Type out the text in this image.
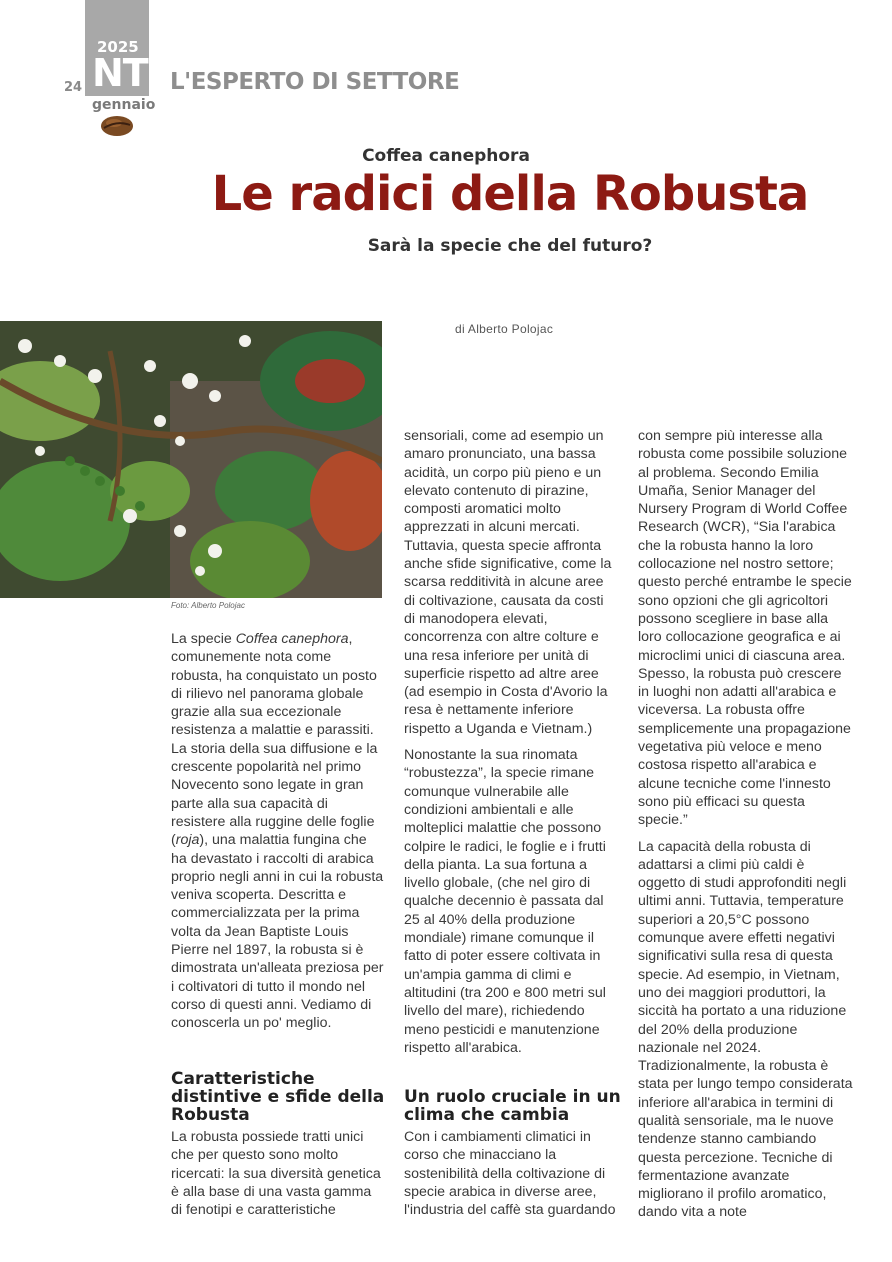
2025
NT
24
gennaio
L'ESPERTO DI SETTORE
Coffea canephora
Le radici della Robusta
Sarà la specie che del futuro?
di Alberto Polojac
Foto: Alberto Polojac

La specie Coffea canephora, comunemente nota come robusta, ha conquistato un posto di rilievo nel panorama globale grazie alla sua eccezionale resistenza a malattie e parassiti. La storia della sua diffusione e la crescente popolarità nel primo Novecento sono legate in gran parte alla sua capacità di resistere alla ruggine delle foglie (roja), una malattia fungina che ha devastato i raccolti di arabica proprio negli anni in cui la robusta veniva scoperta. Descritta e commercializzata per la prima volta da Jean Baptiste Louis Pierre nel 1897, la robusta si è dimostrata un'alleata preziosa per i coltivatori di tutto il mondo nel corso di questi anni. Vediamo di conoscerla un po' meglio.

Caratteristiche distintive e sfide della Robusta

La robusta possiede tratti unici che per questo sono molto ricercati: la sua diversità genetica è alla base di una vasta gamma di fenotipi e caratteristiche

sensoriali, come ad esempio un amaro pronunciato, una bassa acidità, un corpo più pieno e un elevato contenuto di pirazine, composti aromatici molto apprezzati in alcuni mercati. Tuttavia, questa specie affronta anche sfide significative, come la scarsa redditività in alcune aree di coltivazione, causata da costi di manodopera elevati, concorrenza con altre colture e una resa inferiore per unità di superficie rispetto ad altre aree (ad esempio in Costa d'Avorio la resa è nettamente inferiore rispetto a Uganda e Vietnam.)

Nonostante la sua rinomata “robustezza”, la specie rimane comunque vulnerabile alle condizioni ambientali e alle molteplici malattie che possono colpire le radici, le foglie e i frutti della pianta. La sua fortuna a livello globale, (che nel giro di qualche decennio è passata dal 25 al 40% della produzione mondiale) rimane comunque il fatto di poter essere coltivata in un'ampia gamma di climi e altitudini (tra 200 e 800 metri sul livello del mare), richiedendo meno pesticidi e manutenzione rispetto all'arabica.

Un ruolo cruciale in un clima che cambia

Con i cambiamenti climatici in corso che minacciano la sostenibilità della coltivazione di specie arabica in diverse aree, l'industria del caffè sta guardando

con sempre più interesse alla robusta come possibile soluzione al problema. Secondo Emilia Umaña, Senior Manager del Nursery Program di World Coffee Research (WCR), “Sia l'arabica che la robusta hanno la loro collocazione nel nostro settore; questo perché entrambe le specie sono opzioni che gli agricoltori possono scegliere in base alla loro collocazione geografica e ai microclimi unici di ciascuna area. Spesso, la robusta può crescere in luoghi non adatti all'arabica e viceversa. La robusta offre semplicemente una propagazione vegetativa più veloce e meno costosa rispetto all'arabica e alcune tecniche come l'innesto sono più efficaci su questa specie.”

La capacità della robusta di adattarsi a climi più caldi è oggetto di studi approfonditi negli ultimi anni. Tuttavia, temperature superiori a 20,5°C possono comunque avere effetti negativi significativi sulla resa di questa specie. Ad esempio, in Vietnam, uno dei maggiori produttori, la siccità ha portato a una riduzione del 20% della produzione nazionale nel 2024. Tradizionalmente, la robusta è stata per lungo tempo considerata inferiore all'arabica in termini di qualità sensoriale, ma le nuove tendenze stanno cambiando questa percezione. Tecniche di fermentazione avanzate migliorano il profilo aromatico, dando vita a note
